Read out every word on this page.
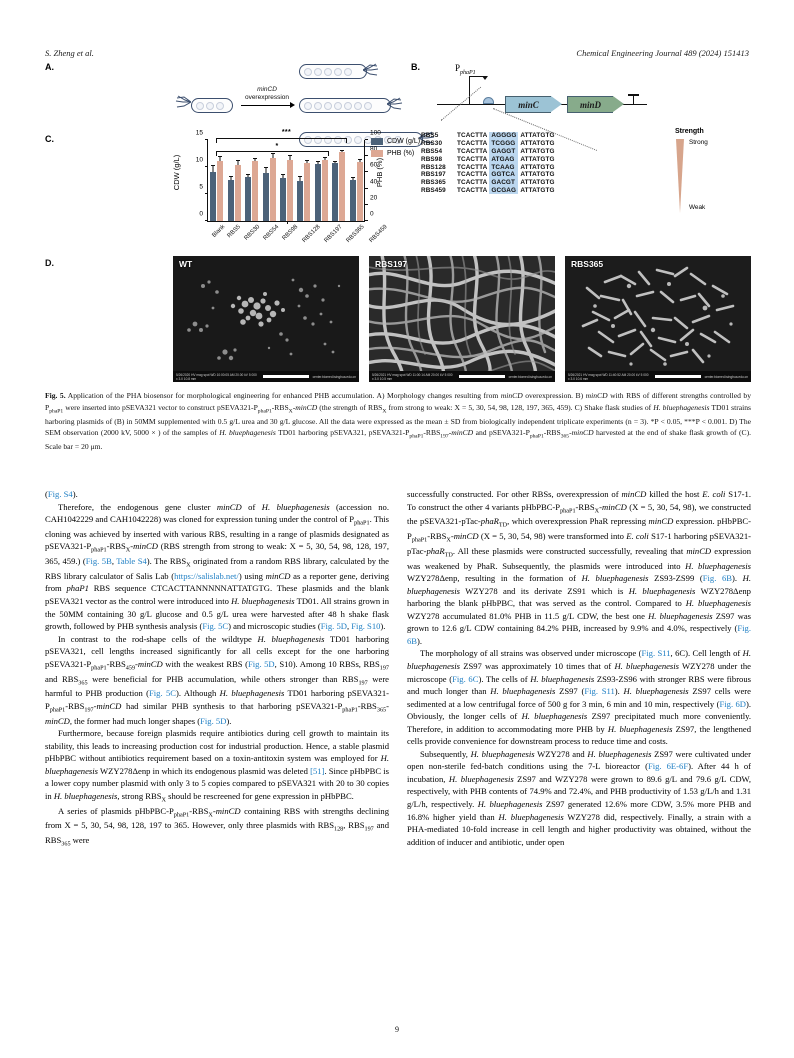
S. Zheng et al.	Chemical Engineering Journal 489 (2024) 151413
A.
minCD
overexpression
B.	$P_{phaP1}$
minC	minD
RBS5	TCACTTA	AGGGG	ATTATGTG
RBS30	TCACTTA	TCGGG	ATTATGTG
RBS54	TCACTTA	GAGGT	ATTATGTG
RBS98	TCACTTA	ATGAG	ATTATGTG
RBS128	TCACTTA	TCAAG	ATTATGTG
RBS197	TCACTTA	GGTCA	ATTATGTG
RBS365	TCACTTA	GACGT	ATTATGTG
RBS459	TCACTTA	GCGAG	ATTATGTG
Strength
Strong
Weak
C.
CDW (g/L)	PHB (%)
0
5
10
15
0
20
40
60
100
***
*
Blank RBS5 RBS30 RBS54 RBS98 RBS128 RBS197 RBS365 RBS459
CDW (g/L)
PHB (%)
D.	WT
5/26/2020 HV mag spot WD 10:00:05 AM 20.00 kV 5 000 x 3.0 10.8 mm	center.biomed.tsinghua.edu.cn
RBS197
5/26/2021 HV mag spot WD 11:00:14 AM 20.00 kV 5 000 x 3.0 10.5 mm	center.biomed.tsinghua.edu.cn
RBS365
5/26/2021 HV mag spot WD 11:40:52 AM 20.00 kV 5 000 x 3.0 10.6 mm	center.biomed.tsinghua.edu.cn
Fig. 5. Application of the PHA biosensor for morphological engineering for enhanced PHB accumulation. A) Morphology changes resulting from minCD overexpression. B) minCD with RBS of different strengths controlled by $P_{phaP1}$ were inserted into pSEVA321 vector to construct $pSEVA321-P_{phaP1}-RBS_X$-minCD (the strength of $RBS_X$ from strong to weak: X = 5, 30, 54, 98, 128, 197, 365, 459). C) Shake flask studies of H. bluephagenesis TD01 strains harboring plasmids of (B) in 50MM supplemented with 0.5 g/L urea and 30 g/L glucose. All the data were expressed as the mean ± SD from biologically independent triplicate experiments (n = 3). *P < 0.05, ***P < 0.001. D) The SEM observation (2000 kV, 5000 × ) of the samples of H. bluephagenesis TD01 harboring pSEVA321, $pSEVA321-P_{phaP1}-RBS_{197}$-minCD and $pSEVA321-P_{phaP1}-RBS_{365}$-minCD harvested at the end of shake flask growth of (C). Scale bar = 20 μm.

(Fig. S4).

Therefore, the endogenous gene cluster minCD of H. bluephagenesis (accession no. CAH1042229 and CAH1042228) was cloned for expression tuning under the control of $P_{phaP1}$. This cloning was achieved by inserted with various RBS, resulting in a range of plasmids designated as $pSEVA321-P_{phaP1}-RBS_X$-minCD (RBS strength from strong to weak: X = 5, 30, 54, 98, 128, 197, 365, 459.) (Fig. 5B, Table S4). The $RBS_X$ originated from a random RBS library, calculated by the RBS library calculator of Salis Lab (https://salislab.net/) using minCD as a reporter gene, deriving from phaP1 RBS sequence CTCACTTANNNNNATTATGTG. These plasmids and the blank pSEVA321 vector as the control were introduced into H. bluephagenesis TD01. All strains grown in the 50MM containing 30 g/L glucose and 0.5 g/L urea were harvested after 48 h shake flask growth, followed by PHB synthesis analysis (Fig. 5C) and microscopic studies (Fig. 5D, Fig. S10).

In contrast to the rod-shape cells of the wildtype H. bluephagenesis TD01 harboring pSEVA321, cell lengths increased significantly for all cells except for the one harboring $pSEVA321-P_{phaP1}-RBS_{459}$-minCD with the weakest RBS (Fig. 5D, S10). Among 10 RBSs, $RBS_{197}$ and $RBS_{365}$ were beneficial for PHB accumulation, while others stronger than $RBS_{197}$ were harmful to PHB production (Fig. 5C). Although H. bluephagenesis TD01 harboring $pSEVA321-P_{phaP1}-RBS_{197}$-minCD had similar PHB synthesis to that harboring $pSEVA321-P_{phaP1}-RBS_{365}$-minCD, the former had much longer shapes (Fig. 5D).

Furthermore, because foreign plasmids require antibiotics during cell growth to maintain its stability, this leads to increasing production cost for industrial production. Hence, a stable plasmid pHbPBC without antibiotics requirement based on a toxin-antitoxin system was employed for H. bluephagenesis WZY278Δenp in which its endogenous plasmid was deleted [51]. Since pHbPBC is a lower copy number plasmid with only 3 to 5 copies compared to pSEVA321 with 20 to 30 copies in H. bluephagenesis, strong $RBS_X$ should be rescreened for gene expression in pHbPBC.

A series of plasmids pHbPBC-$P_{phaP1}-RBS_X$-minCD containing RBS with strengths declining from X = 5, 30, 54, 98, 128, 197 to 365. However, only three plasmids with $RBS_{128}$, $RBS_{197}$ and $RBS_{365}$ were

successfully constructed. For other RBSs, overexpression of minCD killed the host E. coli S17-1. To construct the other 4 variants pHbPBC-$P_{phaP1}-RBS_X$-minCD (X = 5, 30, 54, 98), we constructed the pSEVA321-pTac-phaR$_{TD}$, which overexpression PhaR repressing minCD expression. pHbPBC-$P_{phaP1}-RBS_X$-minCD (X = 5, 30, 54, 98) were transformed into E. coli S17-1 harboring pSEVA321-pTac-phaR$_{TD}$. All these plasmids were constructed successfully, revealing that minCD expression was weakened by PhaR. Subsequently, the plasmids were introduced into H. bluephagenesis WZY278Δenp, resulting in the formation of H. bluephagenesis ZS93-ZS99 (Fig. 6B). H. bluephagenesis WZY278 and its derivate ZS91 which is H. bluephagenesis WZY278Δenp harboring the blank pHbPBC, that was served as the control. Compared to H. bluephagenesis WZY278 accumulated 81.0% PHB in 11.5 g/L CDW, the best one H. bluephagenesis ZS97 was grown to 12.6 g/L CDW containing 84.2% PHB, increased by 9.9% and 4.0%, respectively (Fig. 6B).

The morphology of all strains was observed under microscope (Fig. S11, 6C). Cell length of H. bluephagenesis ZS97 was approximately 10 times that of H. bluephagenesis WZY278 under the microscope (Fig. 6C). The cells of H. bluephagenesis ZS93-ZS96 with stronger RBS were fibrous and much longer than H. bluephagenesis ZS97 (Fig. S11). H. bluephagenesis ZS97 cells were sedimented at a low centrifugal force of 500 g for 3 min, 6 min and 10 min, respectively (Fig. 6D). Obviously, the longer cells of H. bluephagenesis ZS97 precipitated much more conveniently. Therefore, in addition to accommodating more PHB by H. bluephagenesis ZS97, the lengthened cells provide convenience for downstream process to reduce time and costs.

Subsequently, H. bluephagenesis WZY278 and H. bluephagenesis ZS97 were cultivated under open non-sterile fed-batch conditions using the 7-L bioreactor (Fig. 6E-6F). After 44 h of incubation, H. bluephagenesis ZS97 and WZY278 were grown to 89.6 g/L and 79.6 g/L CDW, respectively, with PHB contents of 74.9% and 72.4%, and PHB productivity of 1.53 g/L/h and 1.31 g/L/h, respectively. H. bluephagenesis ZS97 generated 12.6% more CDW, 3.5% more PHB and 16.8% higher yield than H. bluephagenesis WZY278 did, respectively. Finally, a strain with a PHA-mediated 10-fold increase in cell length and higher productivity was obtained, without the addition of inducer and antibiotic, under open

9
